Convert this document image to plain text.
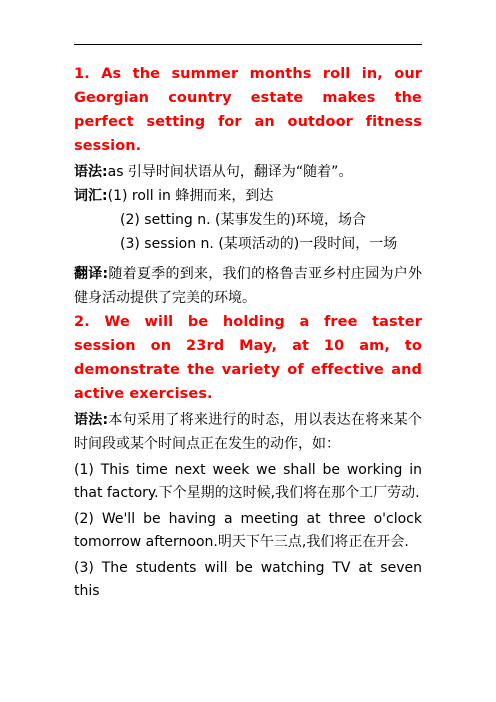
1. As the summer months roll in, our Georgian country estate makes the perfect setting for an outdoor fitness session.
语法:as 引导时间状语从句，翻译为“随着”。
词汇:(1) roll in 蜂拥而来，到达
(2) setting n. (某事发生的)环境，场合
(3) session n. (某项活动的)一段时间，一场
翻译:随着夏季的到来，我们的格鲁吉亚乡村庄园为户外健身活动提供了完美的环境。
2. We will be holding a free taster session on 23rd May, at 10 am, to demonstrate the variety of effective and active exercises.
语法:本句采用了将来进行的时态，用以表达在将来某个时间段或某个时间点正在发生的动作，如：
(1) This time next week we shall be working in that factory.下个星期的这时候,我们将在那个工厂劳动.
(2) We'll be having a meeting at three o'clock tomorrow afternoon.明天下午三点,我们将正在开会.
(3) The students will be watching TV at seven this
